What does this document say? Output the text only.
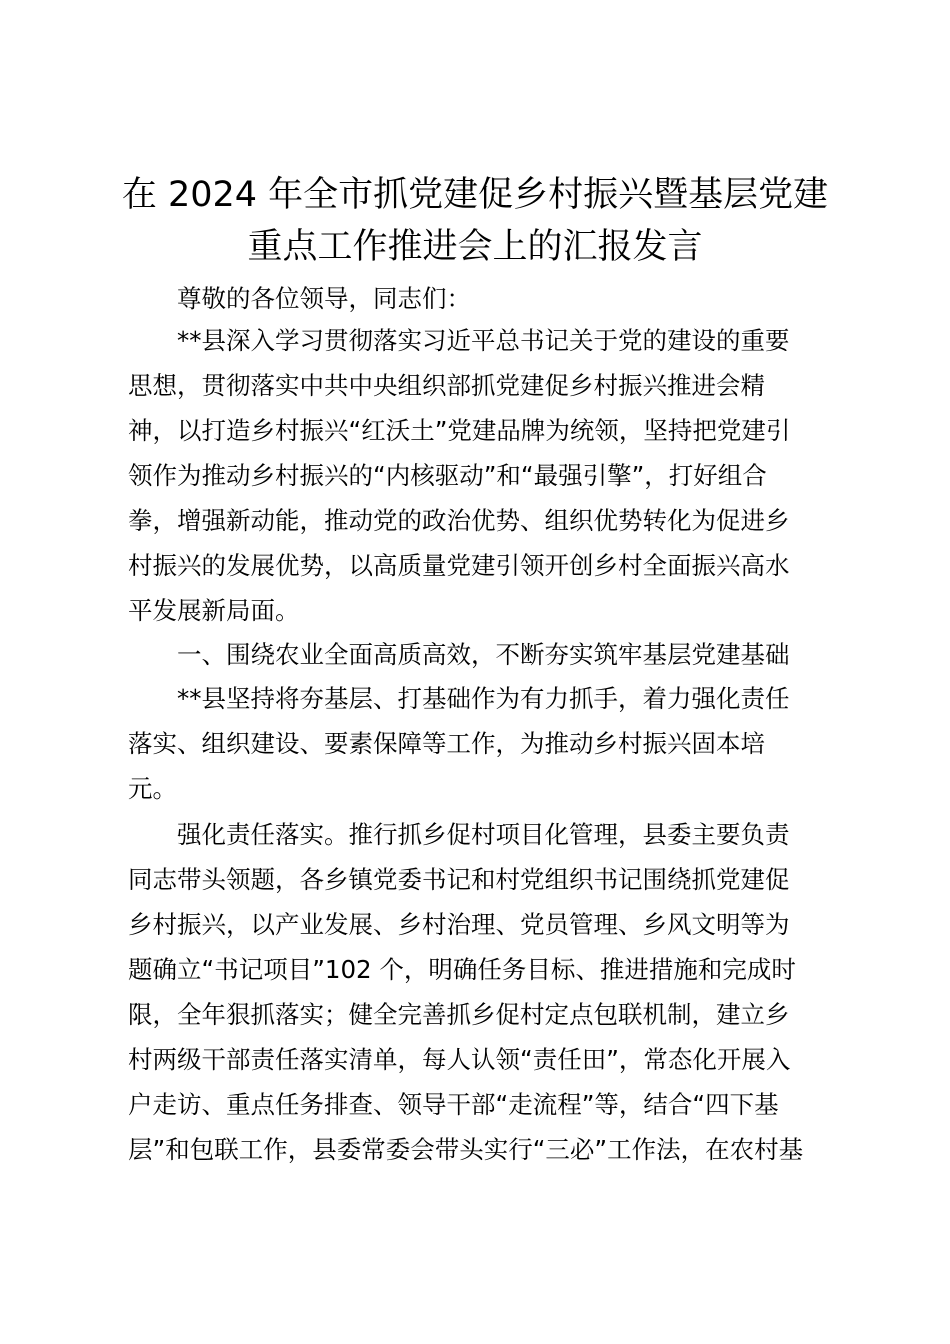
在 2024 年全市抓党建促乡村振兴暨基层党建
重点工作推进会上的汇报发言
尊敬的各位领导，同志们：
**县深入学习贯彻落实习近平总书记关于党的建设的重要
思想，贯彻落实中共中央组织部抓党建促乡村振兴推进会精
神，以打造乡村振兴“红沃土”党建品牌为统领，坚持把党建引
领作为推动乡村振兴的“内核驱动”和“最强引擎”，打好组合
拳，增强新动能，推动党的政治优势、组织优势转化为促进乡
村振兴的发展优势，以高质量党建引领开创乡村全面振兴高水
平发展新局面。
一、围绕农业全面高质高效，不断夯实筑牢基层党建基础
**县坚持将夯基层、打基础作为有力抓手，着力强化责任
落实、组织建设、要素保障等工作，为推动乡村振兴固本培
元。
强化责任落实。推行抓乡促村项目化管理，县委主要负责
同志带头领题，各乡镇党委书记和村党组织书记围绕抓党建促
乡村振兴，以产业发展、乡村治理、党员管理、乡风文明等为
题确立“书记项目”102 个，明确任务目标、推进措施和完成时
限，全年狠抓落实；健全完善抓乡促村定点包联机制，建立乡
村两级干部责任落实清单，每人认领“责任田”，常态化开展入
户走访、重点任务排查、领导干部“走流程”等，结合“四下基
层”和包联工作，县委常委会带头实行“三必”工作法，在农村基
